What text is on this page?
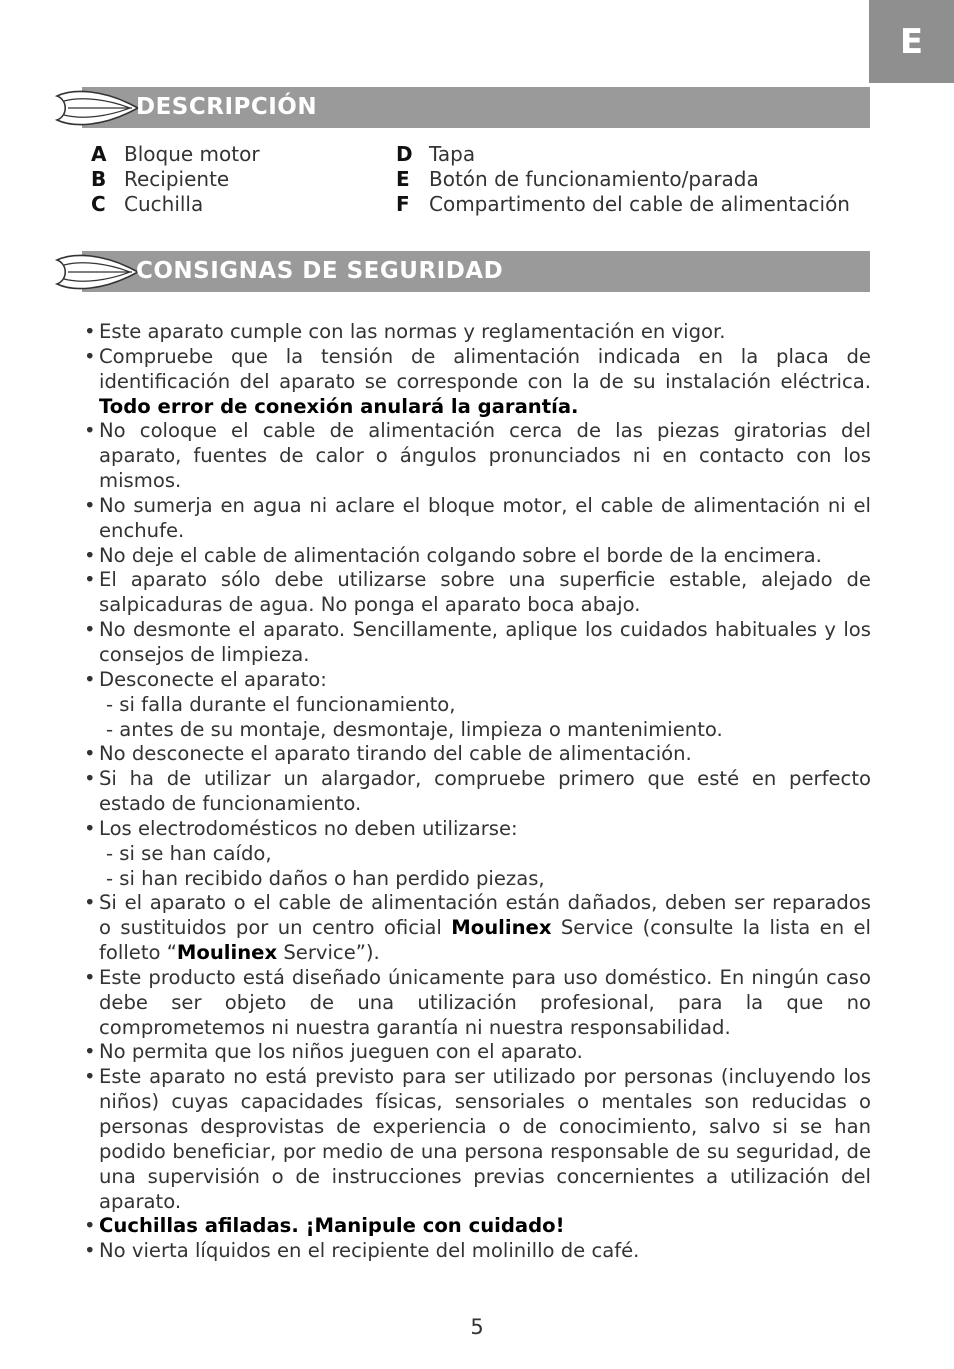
E
DESCRIPCIÓN
A Bloque motor
B Recipiente
C Cuchilla
D Tapa
E Botón de funcionamiento/parada
F Compartimento del cable de alimentación
CONSIGNAS DE SEGURIDAD
• Este aparato cumple con las normas y reglamentación en vigor.
• Compruebe que la tensión de alimentación indicada en la placa de identificación del aparato se corresponde con la de su instalación eléctrica. Todo error de conexión anulará la garantía.
• No coloque el cable de alimentación cerca de las piezas giratorias del aparato, fuentes de calor o ángulos pronunciados ni en contacto con los mismos.
• No sumerja en agua ni aclare el bloque motor, el cable de alimentación ni el enchufe.
• No deje el cable de alimentación colgando sobre el borde de la encimera.
• El aparato sólo debe utilizarse sobre una superficie estable, alejado de salpicaduras de agua. No ponga el aparato boca abajo.
• No desmonte el aparato. Sencillamente, aplique los cuidados habituales y los consejos de limpieza.
• Desconecte el aparato:
- si falla durante el funcionamiento,
- antes de su montaje, desmontaje, limpieza o mantenimiento.
• No desconecte el aparato tirando del cable de alimentación.
• Si ha de utilizar un alargador, compruebe primero que esté en perfecto estado de funcionamiento.
• Los electrodomésticos no deben utilizarse:
- si se han caído,
- si han recibido daños o han perdido piezas,
• Si el aparato o el cable de alimentación están dañados, deben ser reparados o sustituidos por un centro oficial Moulinex Service (consulte la lista en el folleto “Moulinex Service”).
• Este producto está diseñado únicamente para uso doméstico. En ningún caso debe ser objeto de una utilización profesional, para la que no comprometemos ni nuestra garantía ni nuestra responsabilidad.
• No permita que los niños jueguen con el aparato.
• Este aparato no está previsto para ser utilizado por personas (incluyendo los niños) cuyas capacidades físicas, sensoriales o mentales son reducidas o personas desprovistas de experiencia o de conocimiento, salvo si se han podido beneficiar, por medio de una persona responsable de su seguridad, de una supervisión o de instrucciones previas concernientes a utilización del aparato.
• Cuchillas afiladas. ¡Manipule con cuidado!
• No vierta líquidos en el recipiente del molinillo de café.
5
